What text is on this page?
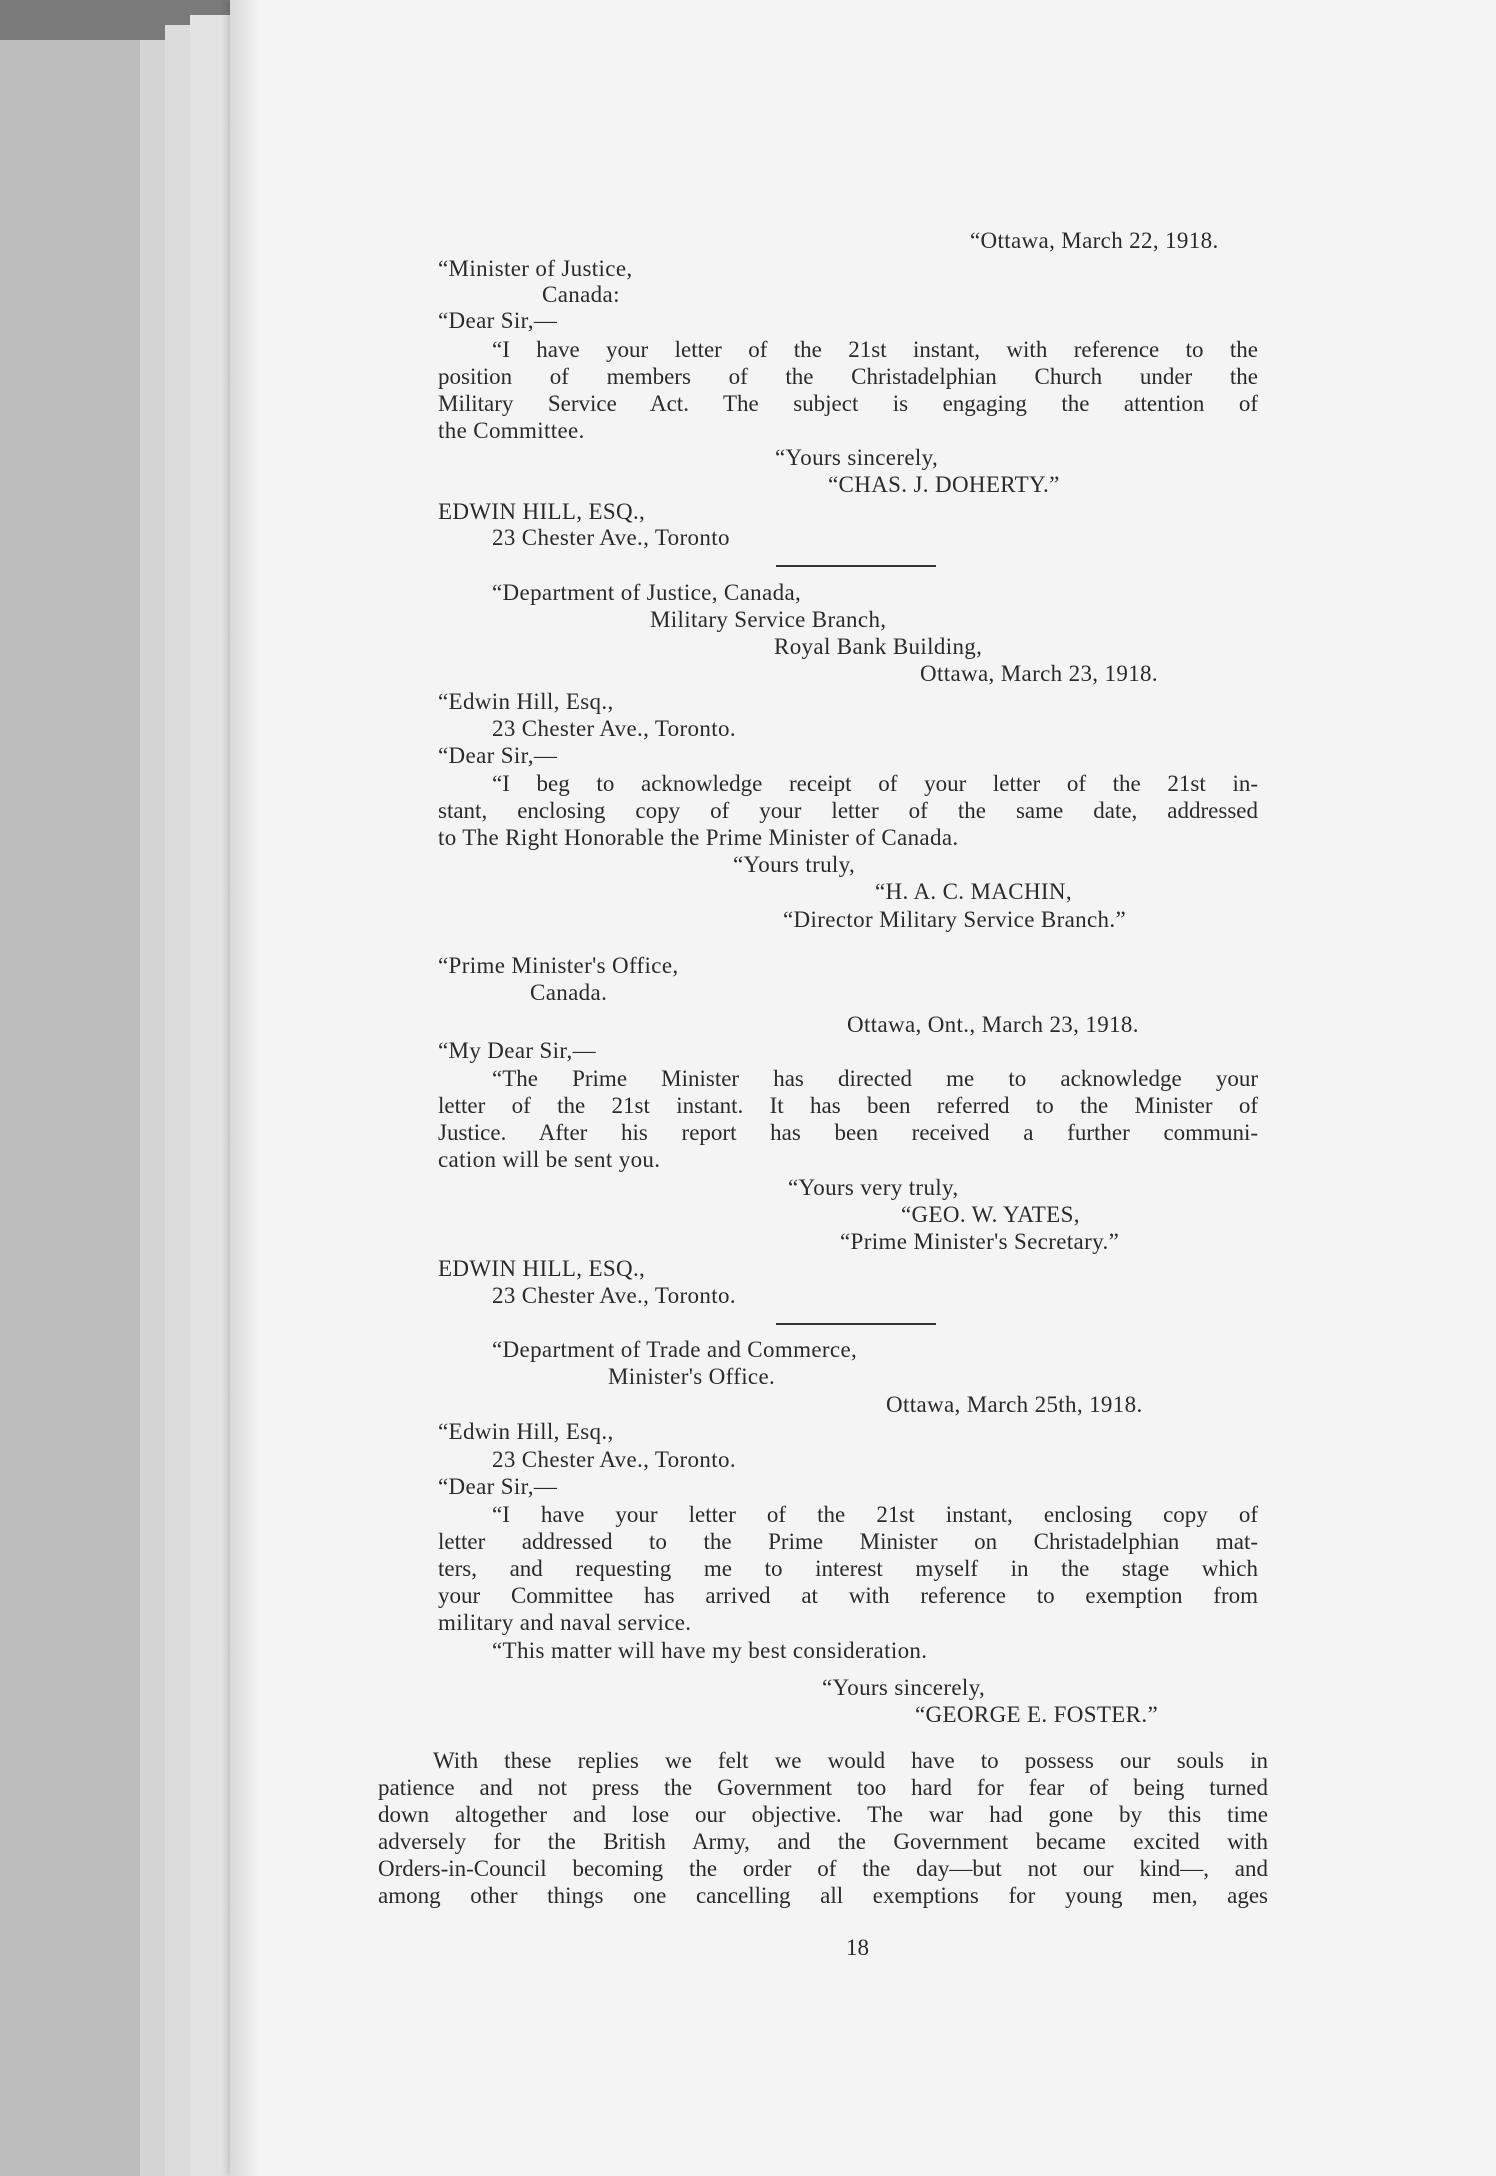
“Ottawa, March 22, 1918.
“Minister of Justice,
Canada:
“Dear Sir,—
“I have your letter of the 21st instant, with reference to the
position of members of the Christadelphian Church under the
Military Service Act. The subject is engaging the attention of
the Committee.
“Yours sincerely,
“CHAS. J. DOHERTY.”
EDWIN HILL, ESQ.,
23 Chester Ave., Toronto
“Department of Justice, Canada,
Military Service Branch,
Royal Bank Building,
Ottawa, March 23, 1918.
“Edwin Hill, Esq.,
23 Chester Ave., Toronto.
“Dear Sir,—
“I beg to acknowledge receipt of your letter of the 21st in-
stant, enclosing copy of your letter of the same date, addressed
to The Right Honorable the Prime Minister of Canada.
“Yours truly,
“H. A. C. MACHIN,
“Director Military Service Branch.”
“Prime Minister's Office,
Canada.
Ottawa, Ont., March 23, 1918.
“My Dear Sir,—
“The Prime Minister has directed me to acknowledge your
letter of the 21st instant. It has been referred to the Minister of
Justice. After his report has been received a further communi-
cation will be sent you.
“Yours very truly,
“GEO. W. YATES,
“Prime Minister's Secretary.”
EDWIN HILL, ESQ.,
23 Chester Ave., Toronto.
“Department of Trade and Commerce,
Minister's Office.
Ottawa, March 25th, 1918.
“Edwin Hill, Esq.,
23 Chester Ave., Toronto.
“Dear Sir,—
“I have your letter of the 21st instant, enclosing copy of
letter addressed to the Prime Minister on Christadelphian mat-
ters, and requesting me to interest myself in the stage which
your Committee has arrived at with reference to exemption from
military and naval service.
“This matter will have my best consideration.
“Yours sincerely,
“GEORGE E. FOSTER.”
With these replies we felt we would have to possess our souls in
patience and not press the Government too hard for fear of being turned
down altogether and lose our objective. The war had gone by this time
adversely for the British Army, and the Government became excited with
Orders-in-Council becoming the order of the day—but not our kind—, and
among other things one cancelling all exemptions for young men, ages
18
